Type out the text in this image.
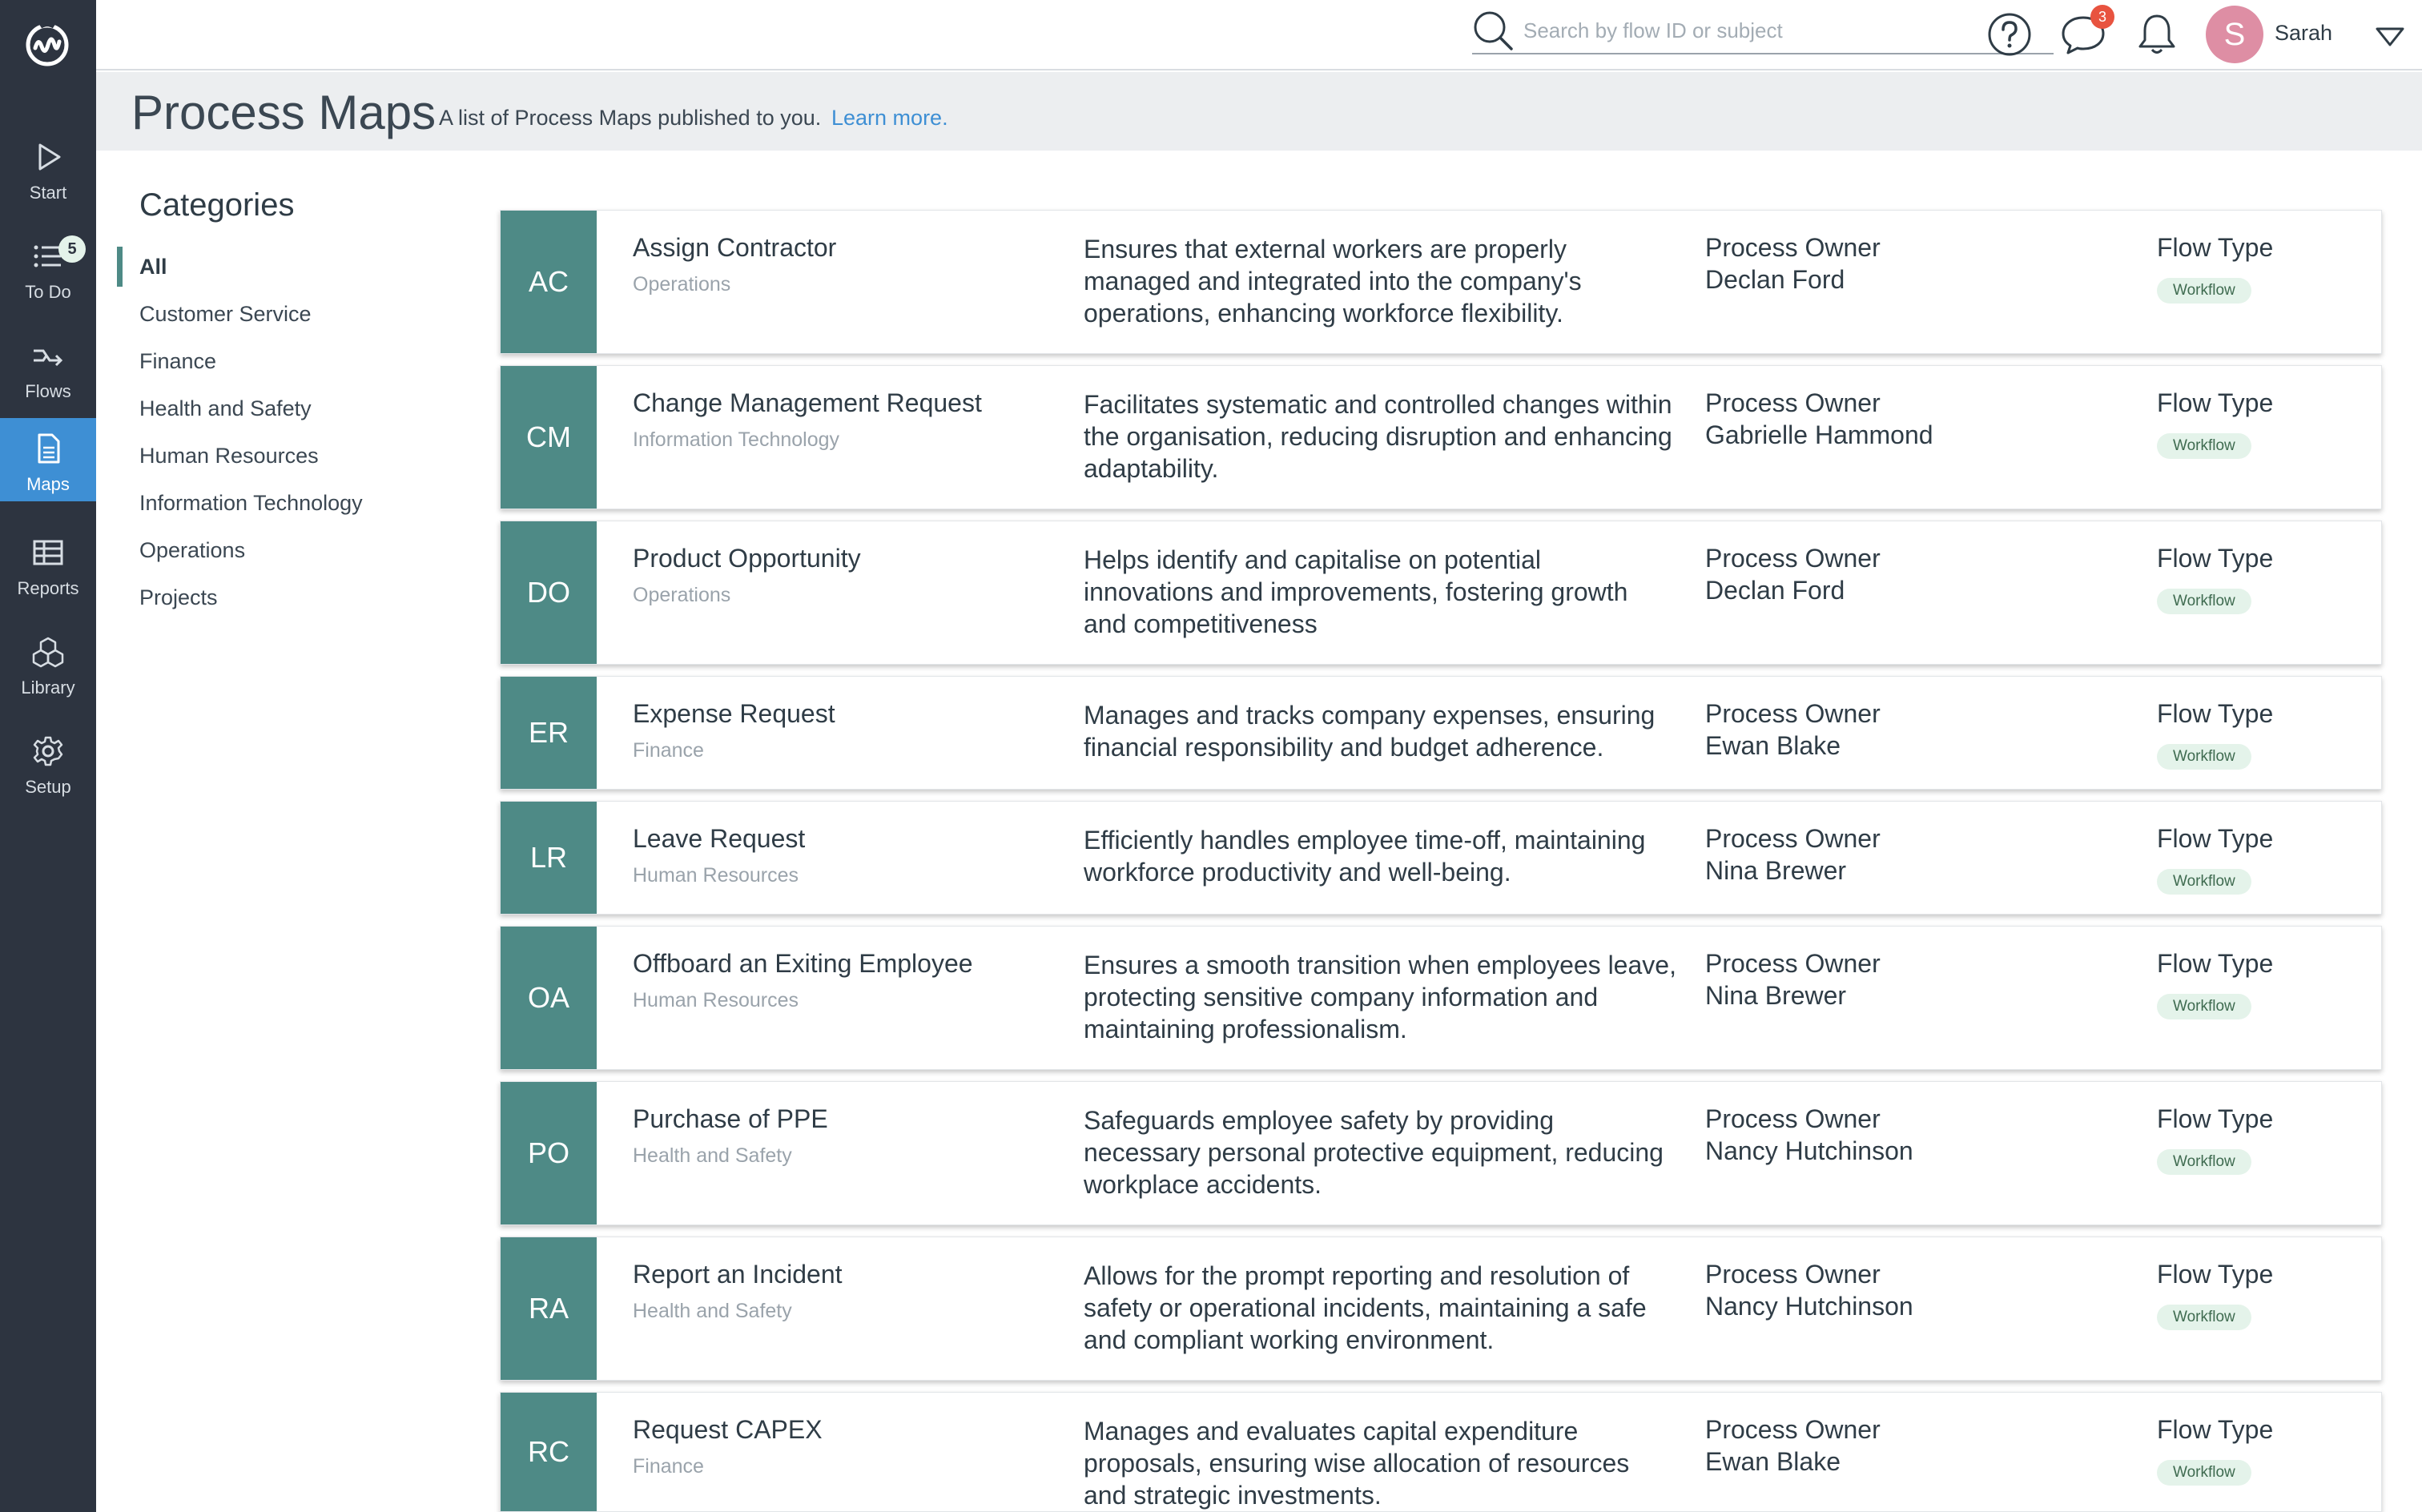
Start
5
To Do
Flows
Maps
Reports
Library
Setup
Search by flow ID or subject
3	S	Sarah
Process Maps A list of Process Maps published to you. Learn more.
Categories
All
Customer Service
Finance
Health and Safety
Human Resources
Information Technology
Operations
Projects
AC
Assign Contractor
Operations
Ensures that external workers are properly managed and integrated into the company's operations, enhancing workforce flexibility.
Process Owner
Declan Ford
Flow Type
Workflow
CM
Change Management Request
Information Technology
Facilitates systematic and controlled changes within the organisation, reducing disruption and enhancing adaptability.
Process Owner
Gabrielle Hammond
Flow Type
Workflow
DO
Product Opportunity
Operations
Helps identify and capitalise on potential innovations and improvements, fostering growth and competitiveness
Process Owner
Declan Ford
Flow Type
Workflow
ER
Expense Request
Finance
Manages and tracks company expenses, ensuring financial responsibility and budget adherence.
Process Owner
Ewan Blake
Flow Type
Workflow
LR
Leave Request
Human Resources
Efficiently handles employee time-off, maintaining workforce productivity and well-being.
Process Owner
Nina Brewer
Flow Type
Workflow
OA
Offboard an Exiting Employee
Human Resources
Ensures a smooth transition when employees leave, protecting sensitive company information and maintaining professionalism.
Process Owner
Nina Brewer
Flow Type
Workflow
PO
Purchase of PPE
Health and Safety
Safeguards employee safety by providing necessary personal protective equipment, reducing workplace accidents.
Process Owner
Nancy Hutchinson
Flow Type
Workflow
RA
Report an Incident
Health and Safety
Allows for the prompt reporting and resolution of safety or operational incidents, maintaining a safe and compliant working environment.
Process Owner
Nancy Hutchinson
Flow Type
Workflow
RC
Request CAPEX
Finance
Manages and evaluates capital expenditure proposals, ensuring wise allocation of resources and strategic investments.
Process Owner
Ewan Blake
Flow Type
Workflow
